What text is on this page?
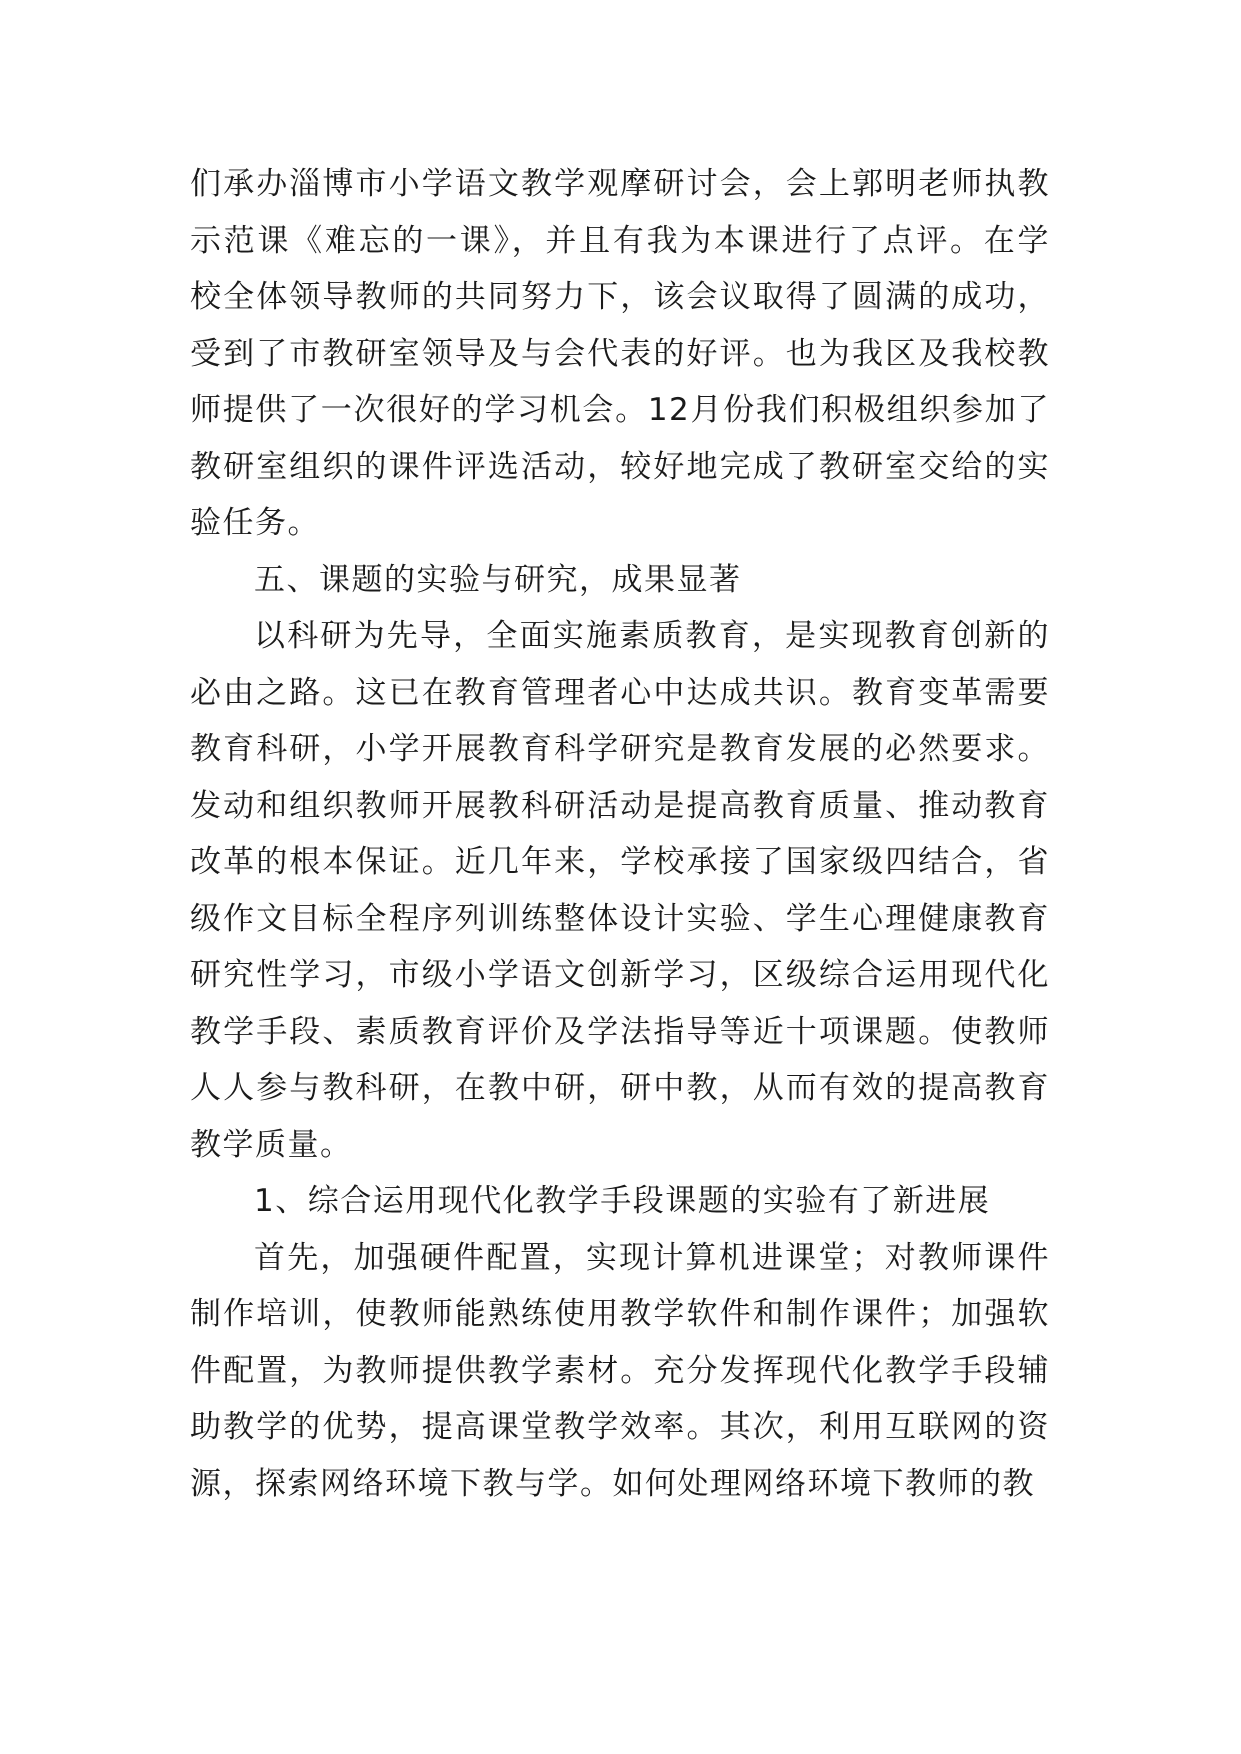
们承办淄博市小学语文教学观摩研讨会，会上郭明老师执教示范课《难忘的一课》，并且有我为本课进行了点评。在学校全体领导教师的共同努力下，该会议取得了圆满的成功，受到了市教研室领导及与会代表的好评。也为我区及我校教师提供了一次很好的学习机会。12月份我们积极组织参加了教研室组织的课件评选活动，较好地完成了教研室交给的实验任务。

五、课题的实验与研究，成果显著

以科研为先导，全面实施素质教育，是实现教育创新的必由之路。这已在教育管理者心中达成共识。教育变革需要教育科研，小学开展教育科学研究是教育发展的必然要求。发动和组织教师开展教科研活动是提高教育质量、推动教育改革的根本保证。近几年来，学校承接了国家级四结合，省级作文目标全程序列训练整体设计实验、学生心理健康教育研究性学习，市级小学语文创新学习，区级综合运用现代化教学手段、素质教育评价及学法指导等近十项课题。使教师人人参与教科研，在教中研，研中教，从而有效的提高教育教学质量。

1、综合运用现代化教学手段课题的实验有了新进展

首先，加强硬件配置，实现计算机进课堂；对教师课件制作培训，使教师能熟练使用教学软件和制作课件；加强软件配置，为教师提供教学素材。充分发挥现代化教学手段辅助教学的优势，提高课堂教学效率。其次，利用互联网的资源，探索网络环境下教与学。如何处理网络环境下教师的教
